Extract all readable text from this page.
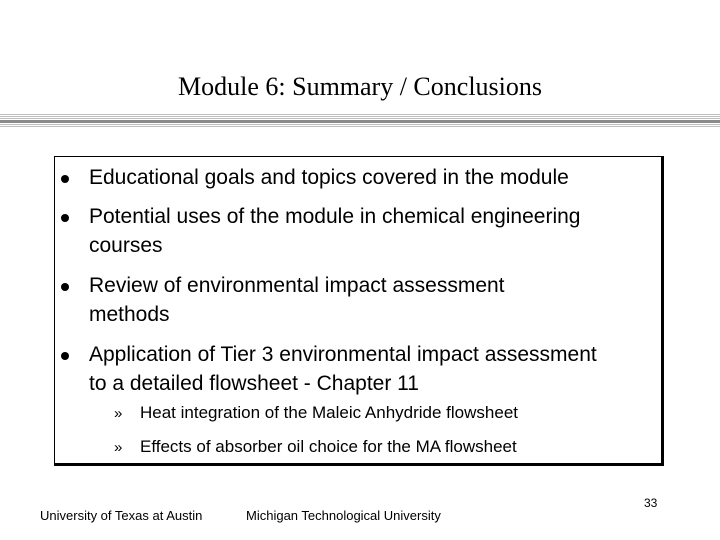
Module 6: Summary / Conclusions
Educational goals and topics covered in the module
Potential uses of the module in chemical engineering courses
Review of environmental impact assessment methods
Application of Tier 3 environmental impact assessment to a detailed flowsheet - Chapter 11
» Heat integration of the Maleic Anhydride flowsheet
» Effects of absorber oil choice for the MA flowsheet
University of Texas at Austin	Michigan Technological University
33
